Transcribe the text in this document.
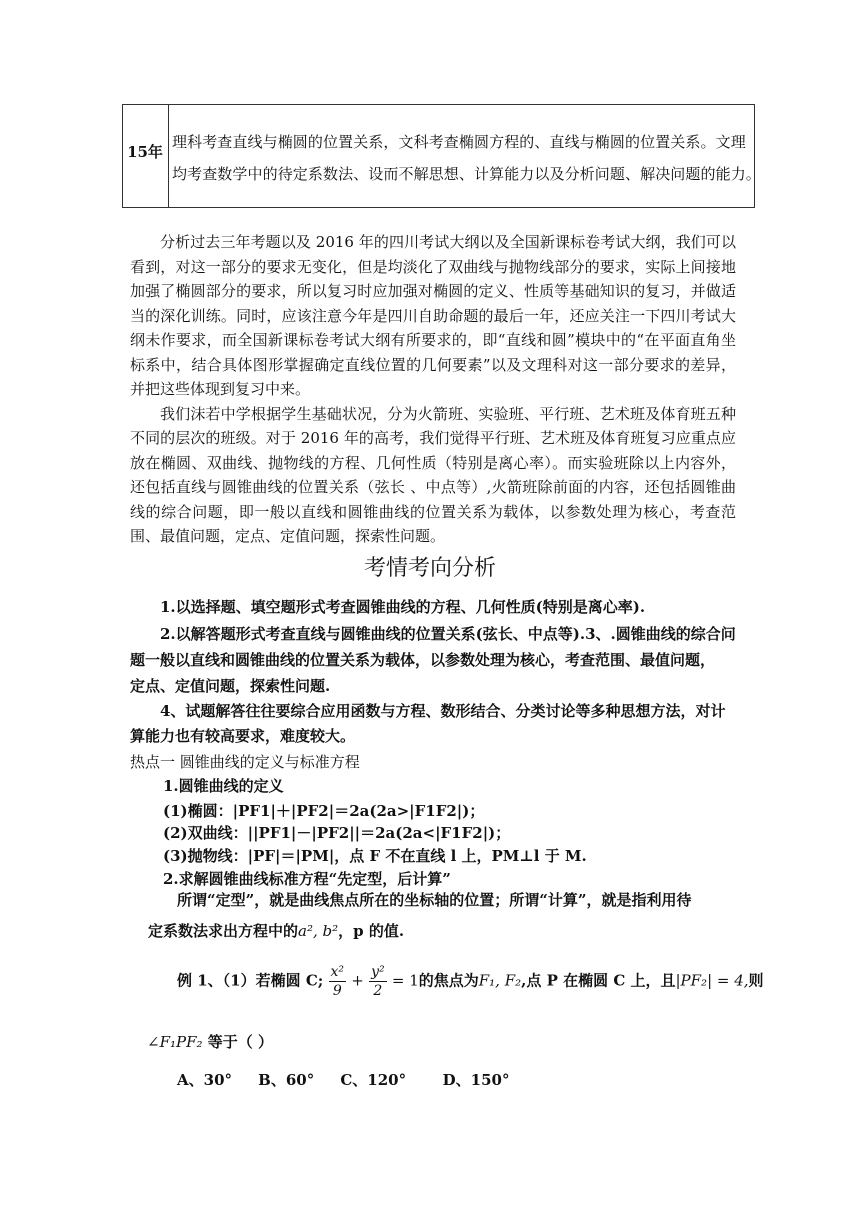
15年
理科考查直线与椭圆的位置关系，文科考查椭圆方程的、直线与椭圆的位置关系。文理
均考查数学中的待定系数法、设而不解思想、计算能力以及分析问题、解决问题的能力。

分析过去三年考题以及 2016 年的四川考试大纲以及全国新课标卷考试大纲，我们可以看到，对这一部分的要求无变化，但是均淡化了双曲线与抛物线部分的要求，实际上间接地加强了椭圆部分的要求，所以复习时应加强对椭圆的定义、性质等基础知识的复习，并做适当的深化训练。同时，应该注意今年是四川自助命题的最后一年，还应关注一下四川考试大纲未作要求，而全国新课标卷考试大纲有所要求的，即“直线和圆”模块中的“在平面直角坐标系中，结合具体图形掌握确定直线位置的几何要素”以及文理科对这一部分要求的差异，并把这些体现到复习中来。

我们沫若中学根据学生基础状况，分为火箭班、实验班、平行班、艺术班及体育班五种不同的层次的班级。对于 2016 年的高考，我们觉得平行班、艺术班及体育班复习应重点应放在椭圆、双曲线、抛物线的方程、几何性质（特别是离心率）。而实验班除以上内容外，还包括直线与圆锥曲线的位置关系（弦长 、中点等）,火箭班除前面的内容，还包括圆锥曲线的综合问题，即一般以直线和圆锥曲线的位置关系为载体，以参数处理为核心，考查范围、最值问题，定点、定值问题，探索性问题。

考情考向分析
1.以选择题、填空题形式考查圆锥曲线的方程、几何性质(特别是离心率).
2.以解答题形式考查直线与圆锥曲线的位置关系(弦长、中点等).3、.圆锥曲线的综合问
题一般以直线和圆锥曲线的位置关系为载体，以参数处理为核心，考查范围、最值问题，
定点、定值问题，探索性问题.
4、试题解答往往要综合应用函数与方程、数形结合、分类讨论等多种思想方法，对计
算能力也有较高要求，难度较大。
热点一 圆锥曲线的定义与标准方程
1.圆锥曲线的定义
(1)椭圆：|PF1|＋|PF2|＝2a(2a>|F1F2|)；
(2)双曲线：||PF1|－|PF2||＝2a(2a<|F1F2|)；
(3)抛物线：|PF|＝|PM|，点 F 不在直线 l 上，PM⊥l 于 M.
2.求解圆锥曲线标准方程“先定型，后计算”
所谓“定型”，就是曲线焦点所在的坐标轴的位置；所谓“计算”，就是指利用待
定系数法求出方程中的a², b²，p 的值.
例 1、（1）若椭圆 C; $\frac{\text{x²}}{9} + \frac{\text{y²}}{2} = 1$的焦点为F₁, F₂,点 P 在椭圆 C 上，且|PF₂| = 4,则
∠F₁PF₂ 等于（ ）
A、30° B、60° C、120° D、150°
